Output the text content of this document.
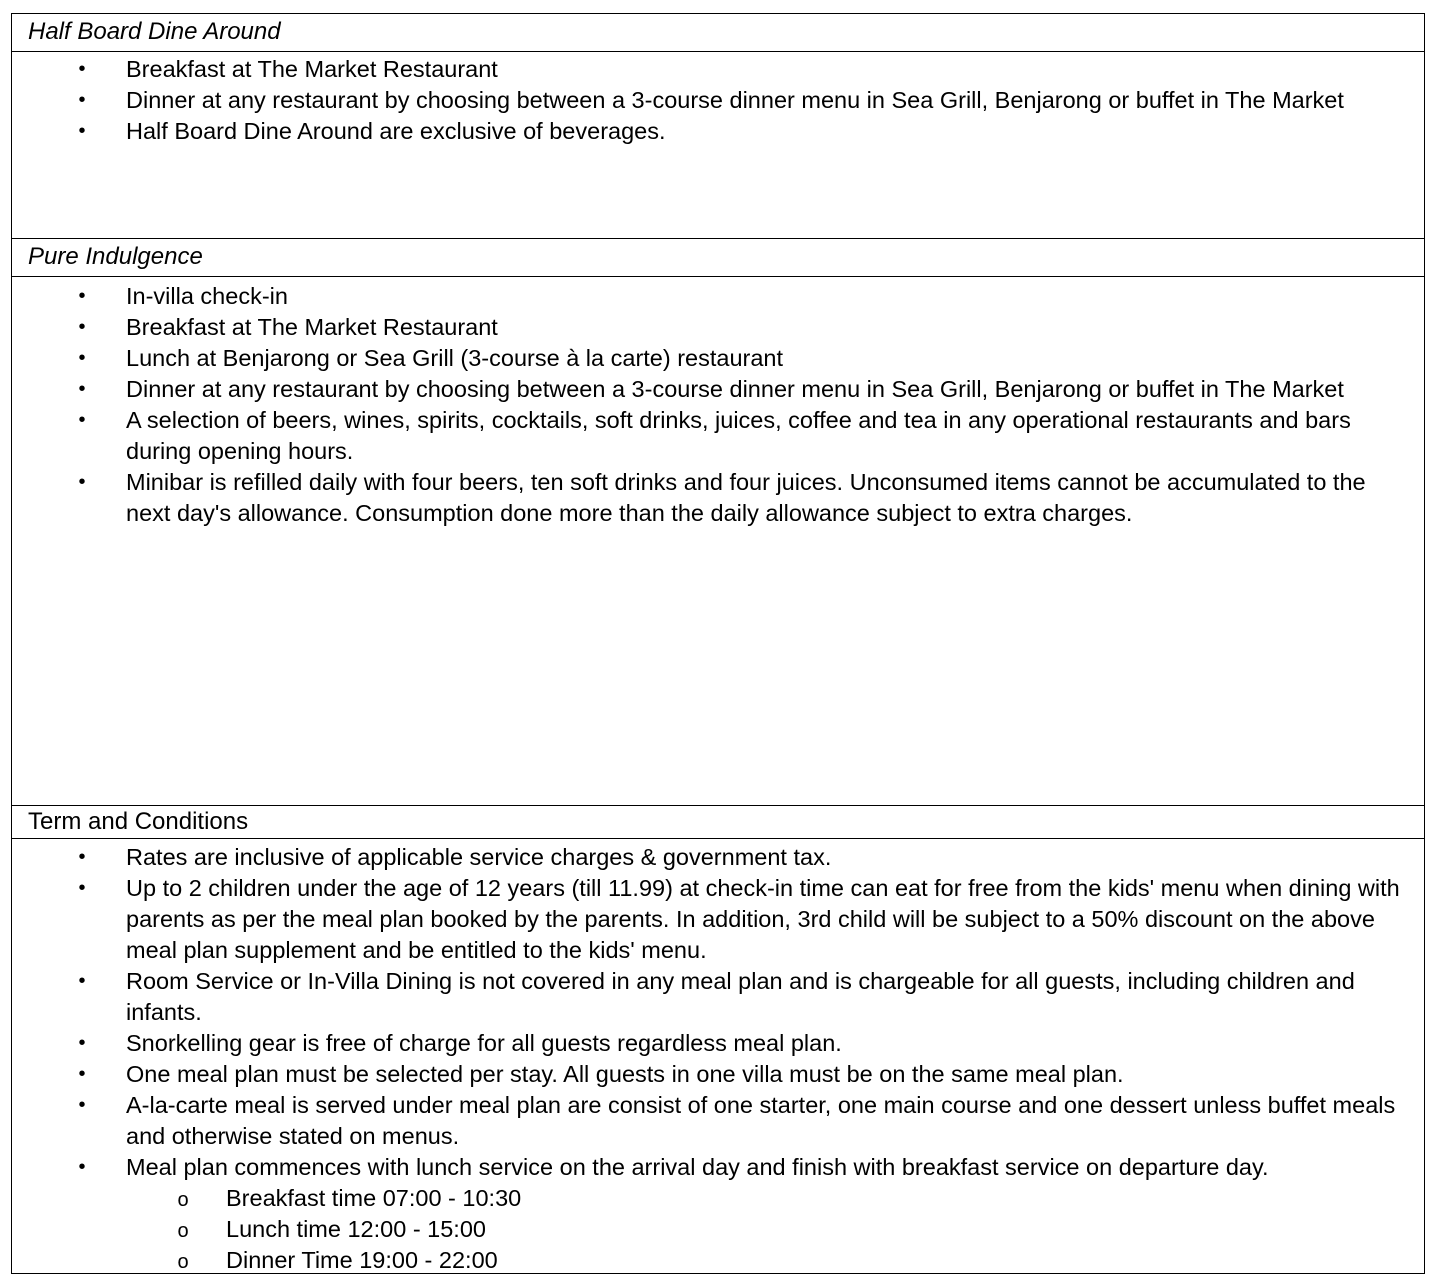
Half Board Dine Around
• Breakfast at The Market Restaurant
• Dinner at any restaurant by choosing between a 3-course dinner menu in Sea Grill, Benjarong or buffet in The Market
• Half Board Dine Around are exclusive of beverages.
Pure Indulgence
• In-villa check-in
• Breakfast at The Market Restaurant
• Lunch at Benjarong or Sea Grill (3-course à la carte) restaurant
• Dinner at any restaurant by choosing between a 3-course dinner menu in Sea Grill, Benjarong or buffet in The Market
• A selection of beers, wines, spirits, cocktails, soft drinks, juices, coffee and tea in any operational restaurants and bars during opening hours.
• Minibar is refilled daily with four beers, ten soft drinks and four juices. Unconsumed items cannot be accumulated to the next day's allowance. Consumption done more than the daily allowance subject to extra charges.
Term and Conditions
• Rates are inclusive of applicable service charges & government tax.
• Up to 2 children under the age of 12 years (till 11.99) at check-in time can eat for free from the kids' menu when dining with parents as per the meal plan booked by the parents. In addition, 3rd child will be subject to a 50% discount on the above meal plan supplement and be entitled to the kids' menu.
• Room Service or In-Villa Dining is not covered in any meal plan and is chargeable for all guests, including children and infants.
• Snorkelling gear is free of charge for all guests regardless meal plan.
• One meal plan must be selected per stay. All guests in one villa must be on the same meal plan.
• A-la-carte meal is served under meal plan are consist of one starter, one main course and one dessert unless buffet meals and otherwise stated on menus.
• Meal plan commences with lunch service on the arrival day and finish with breakfast service on departure day.
o Breakfast time 07:00 - 10:30
o Lunch time 12:00 - 15:00
o Dinner Time 19:00 - 22:00
